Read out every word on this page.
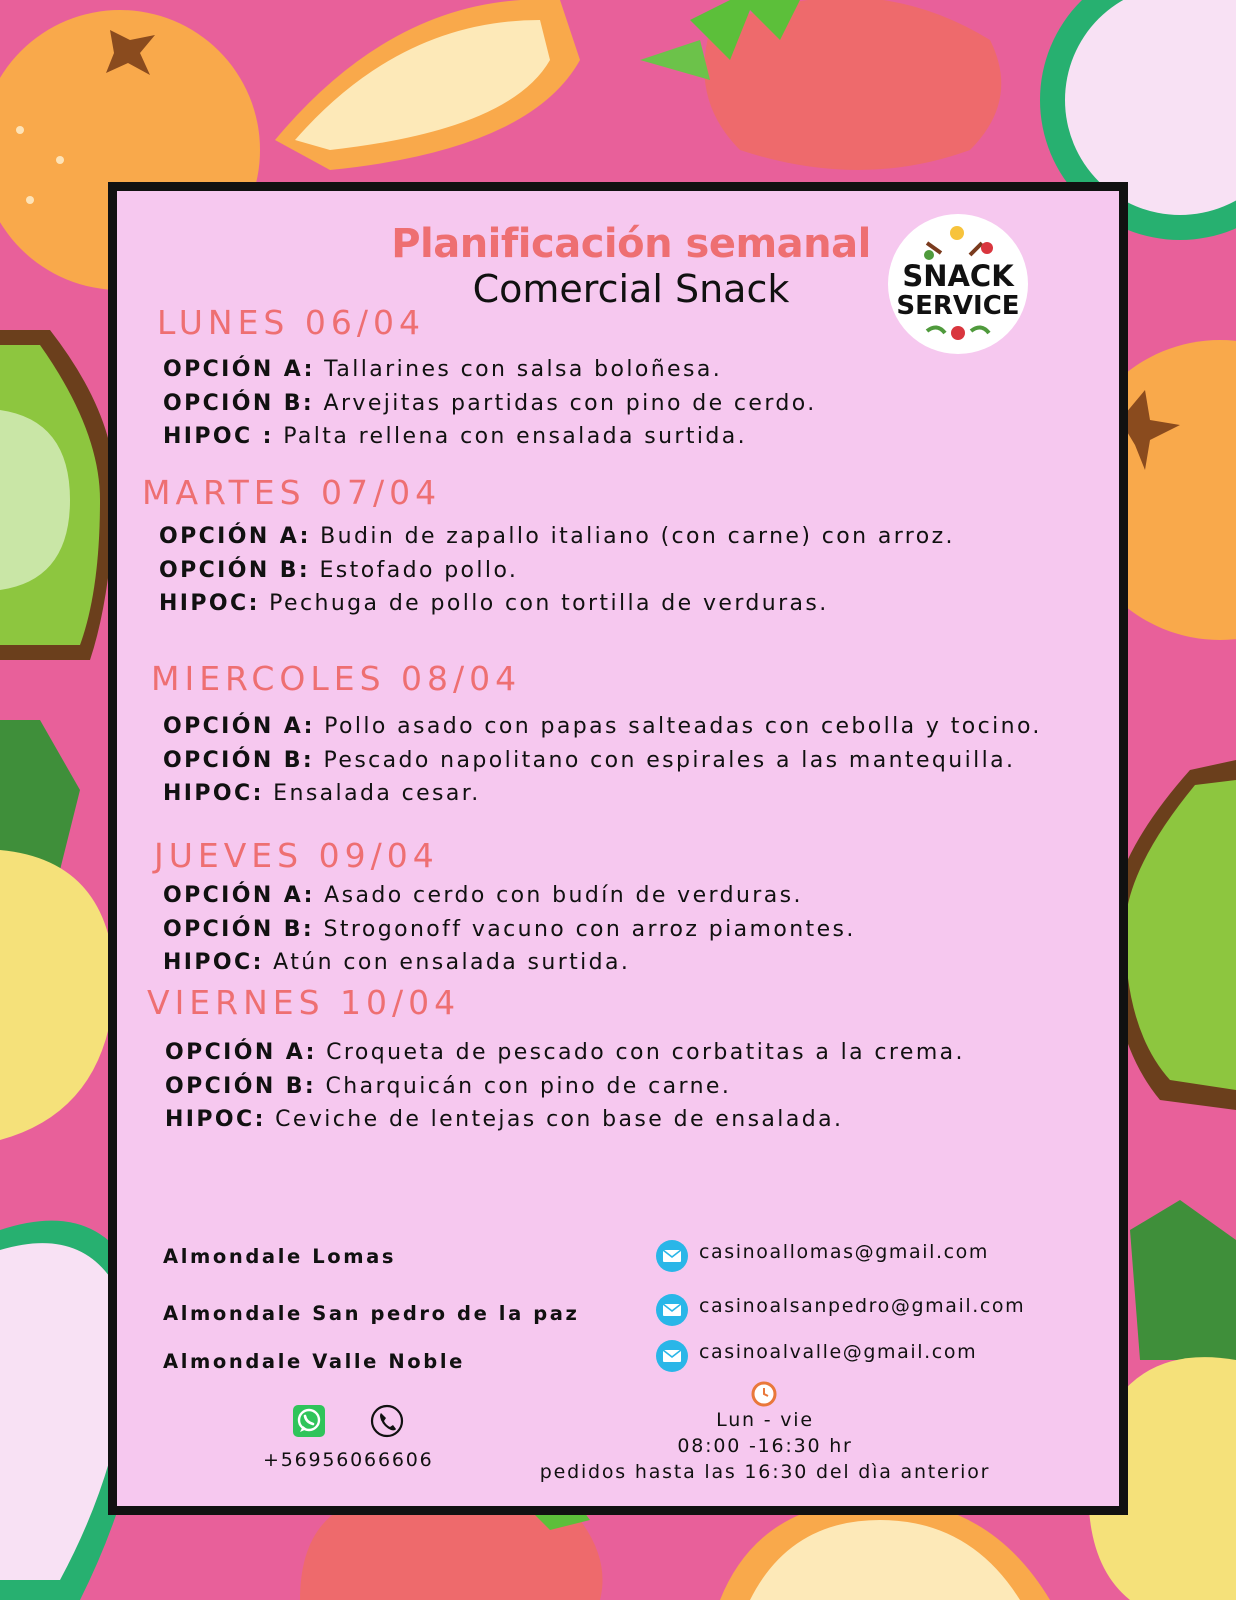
Planificación semanal
Comercial Snack	SNACK
SERVICE
LUNES 06/04
OPCIÓN A: Tallarines con salsa boloñesa.
OPCIÓN B: Arvejitas partidas con pino de cerdo.
HIPOC : Palta rellena con ensalada surtida.
MARTES 07/04
OPCIÓN A: Budin de zapallo italiano (con carne) con arroz.
OPCIÓN B: Estofado pollo.
HIPOC: Pechuga de pollo con tortilla de verduras.
MIERCOLES 08/04
OPCIÓN A: Pollo asado con papas salteadas con cebolla y tocino.
OPCIÓN B: Pescado napolitano con espirales a las mantequilla.
HIPOC: Ensalada cesar.
JUEVES 09/04
OPCIÓN A: Asado cerdo con budín de verduras.
OPCIÓN B: Strogonoff vacuno con arroz piamontes.
HIPOC: Atún con ensalada surtida.
VIERNES 10/04
OPCIÓN A: Croqueta de pescado con corbatitas a la crema.
OPCIÓN B: Charquicán con pino de carne.
HIPOC: Ceviche de lentejas con base de ensalada.
Almondale Lomas
Almondale San pedro de la paz
Almondale Valle Noble
casinoallomas@gmail.com
casinoalsanpedro@gmail.com
casinoalvalle@gmail.com
+56956066606
Lun - vie
08:00 -16:30 hr
pedidos hasta las 16:30 del dìa anterior
